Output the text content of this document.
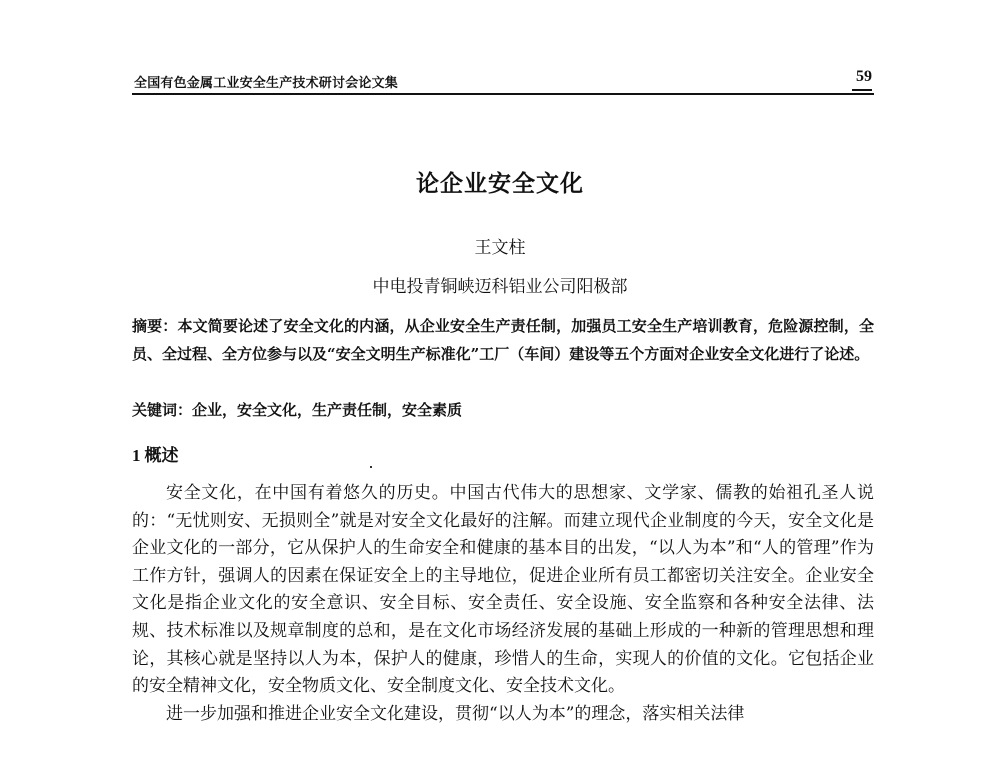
全国有色金属工业安全生产技术研讨会论文集	59
论企业安全文化
王文柱
中电投青铜峡迈科铝业公司阳极部
摘要：本文简要论述了安全文化的内涵，从企业安全生产责任制，加强员工安全生产培训教育，危险源控制，全员、全过程、全方位参与以及“安全文明生产标准化”工厂（车间）建设等五个方面对企业安全文化进行了论述。
关键词：企业，安全文化，生产责任制，安全素质
1 概述

安全文化，在中国有着悠久的历史。中国古代伟大的思想家、文学家、儒教的始祖孔圣人说的：“无忧则安、无损则全”就是对安全文化最好的注解。而建立现代企业制度的今天，安全文化是企业文化的一部分，它从保护人的生命安全和健康的基本目的出发，“以人为本”和“人的管理”作为工作方针，强调人的因素在保证安全上的主导地位，促进企业所有员工都密切关注安全。企业安全文化是指企业文化的安全意识、安全目标、安全责任、安全设施、安全监察和各种安全法律、法规、技术标准以及规章制度的总和，是在文化市场经济发展的基础上形成的一种新的管理思想和理论，其核心就是坚持以人为本，保护人的健康，珍惜人的生命，实现人的价值的文化。它包括企业的安全精神文化，安全物质文化、安全制度文化、安全技术文化。

进一步加强和推进企业安全文化建设，贯彻“以人为本”的理念，落实相关法律
